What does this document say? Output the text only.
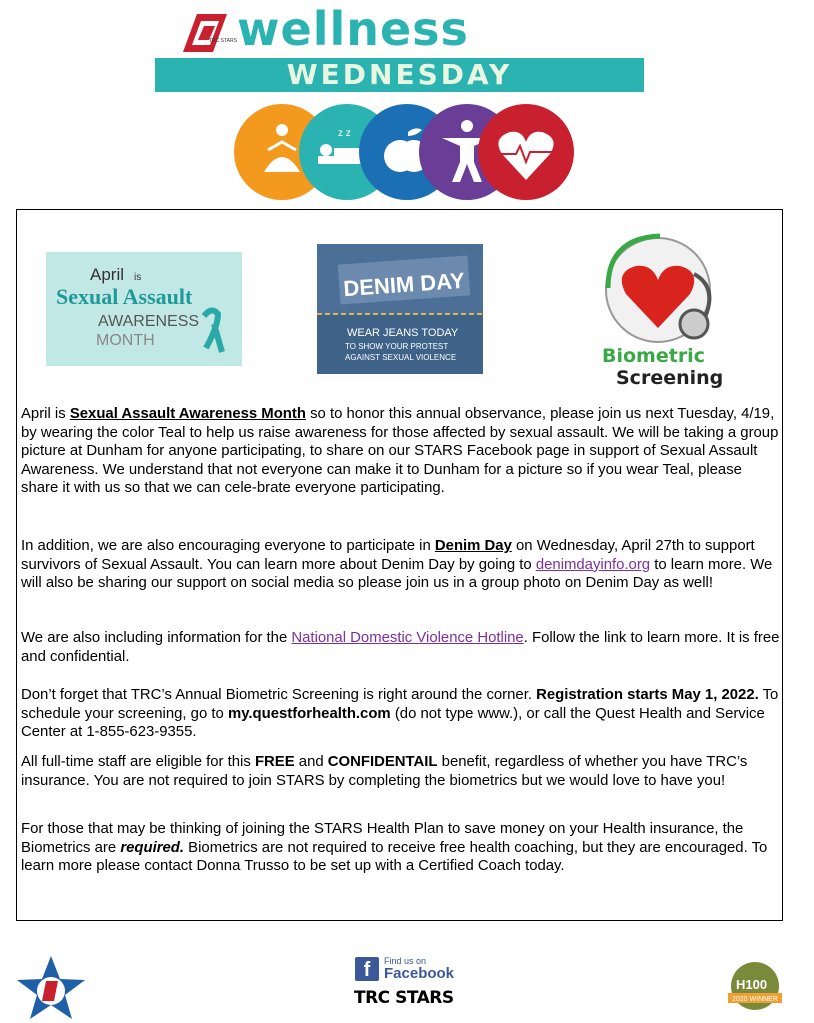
TRC STARS wellness
WEDNESDAY
z z
April is
Sexual Assault
AWARENESS
MONTH
DENIM DAY
WEAR JEANS TODAY
TO SHOW YOUR PROTEST
AGAINST SEXUAL VIOLENCE	Biometric
Screening
April is Sexual Assault Awareness Month so to honor this annual observance, please join us next Tuesday, 4/19, by wearing the color Teal to help us raise awareness for those affected by sexual assault. We will be taking a group picture at Dunham for anyone participating, to share on our STARS Facebook page in support of Sexual Assault Awareness. We understand that not everyone can make it to Dunham for a picture so if you wear Teal, please share it with us so that we can cele-brate everyone participating.
In addition, we are also encouraging everyone to participate in Denim Day on Wednesday, April 27th to support survivors of Sexual Assault. You can learn more about Denim Day by going to denimdayinfo.org to learn more. We will also be sharing our support on social media so please join us in a group photo on Denim Day as well!
We are also including information for the National Domestic Violence Hotline. Follow the link to learn more. It is free and confidential.
Don’t forget that TRC’s Annual Biometric Screening is right around the corner. Registration starts May 1, 2022. To schedule your screening, go to my.questforhealth.com (do not type www.), or call the Quest Health and Service Center at 1-855-623-9355.
All full-time staff are eligible for this FREE and CONFIDENTAIL benefit, regardless of whether you have TRC’s insurance. You are not required to join STARS by completing the biometrics but we would love to have you!
For those that may be thinking of joining the STARS Health Plan to save money on your Health insurance, the Biometrics are required. Biometrics are not required to receive free health coaching, but they are encouraged. To learn more please contact Donna Trusso to be set up with a Certified Coach today.
f	Find us on
Facebook
TRC STARS
H100
2020 WINNER
